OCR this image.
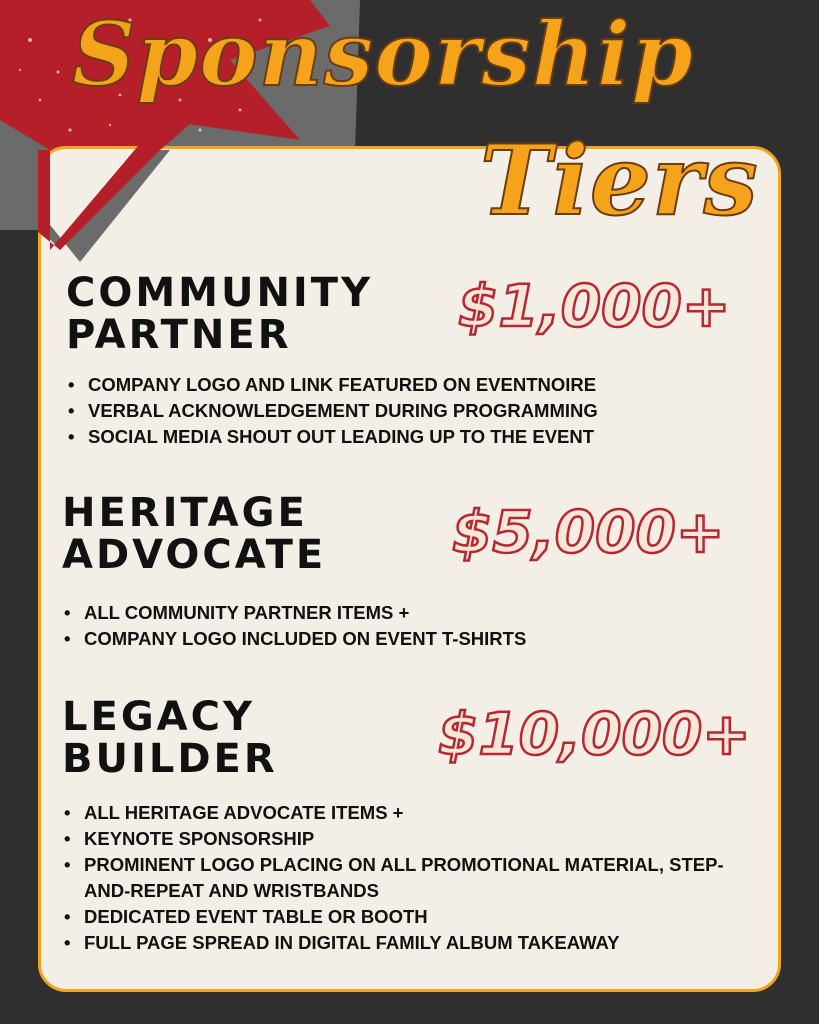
Sponsorship
Tiers
COMMUNITY
PARTNER	$1,000+
• COMPANY LOGO AND LINK FEATURED ON EVENTNOIRE
• VERBAL ACKNOWLEDGEMENT DURING PROGRAMMING
• SOCIAL MEDIA SHOUT OUT LEADING UP TO THE EVENT
HERITAGE
ADVOCATE $5,000+
• ALL COMMUNITY PARTNER ITEMS +
• COMPANY LOGO INCLUDED ON EVENT T-SHIRTS
LEGACY
BUILDER	$10,000+
• ALL HERITAGE ADVOCATE ITEMS +
• KEYNOTE SPONSORSHIP
• PROMINENT LOGO PLACING ON ALL PROMOTIONAL MATERIAL, STEP-AND-REPEAT AND WRISTBANDS
• DEDICATED EVENT TABLE OR BOOTH
• FULL PAGE SPREAD IN DIGITAL FAMILY ALBUM TAKEAWAY
